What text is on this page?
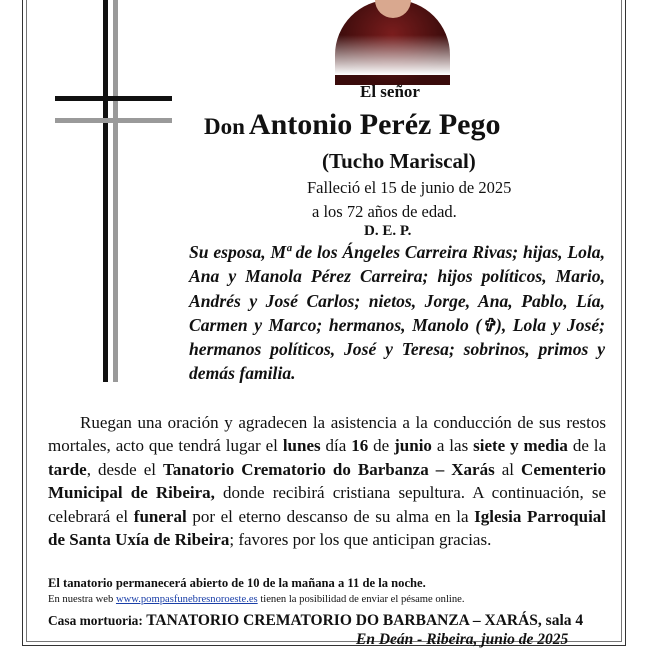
El señor

Don Antonio Peréz Pego

(Tucho Mariscal)

Falleció el 15 de junio de 2025

a los 72 años de edad.

D. E. P.

Su esposa, Mª de los Ángeles Carreira Rivas; hijas, Lola, Ana y Manola Pérez Carreira; hijos políticos, Mario, Andrés y José Carlos; nietos, Jorge, Ana, Pablo, Lía, Carmen y Marco; hermanos, Manolo (✞), Lola y José; hermanos políticos, José y Teresa; sobrinos, primos y demás familia.

Ruegan una oración y agradecen la asistencia a la conducción de sus restos mortales, acto que tendrá lugar el lunes día 16 de junio a las siete y media de la tarde, desde el Tanatorio Crematorio do Barbanza – Xarás al Cementerio Municipal de Ribeira, donde recibirá cristiana sepultura. A continuación, se celebrará el funeral por el eterno descanso de su alma en la Iglesia Parroquial de Santa Uxía de Ribeira; favores por los que anticipan gracias.

El tanatorio permanecerá abierto de 10 de la mañana a 11 de la noche.

En nuestra web www.pompasfunebresnoroeste.es tienen la posibilidad de enviar el pésame online.

Casa mortuoria: TANATORIO CREMATORIO DO BARBANZA – XARÁS, sala 4

En Deán - Ribeira, junio de 2025
